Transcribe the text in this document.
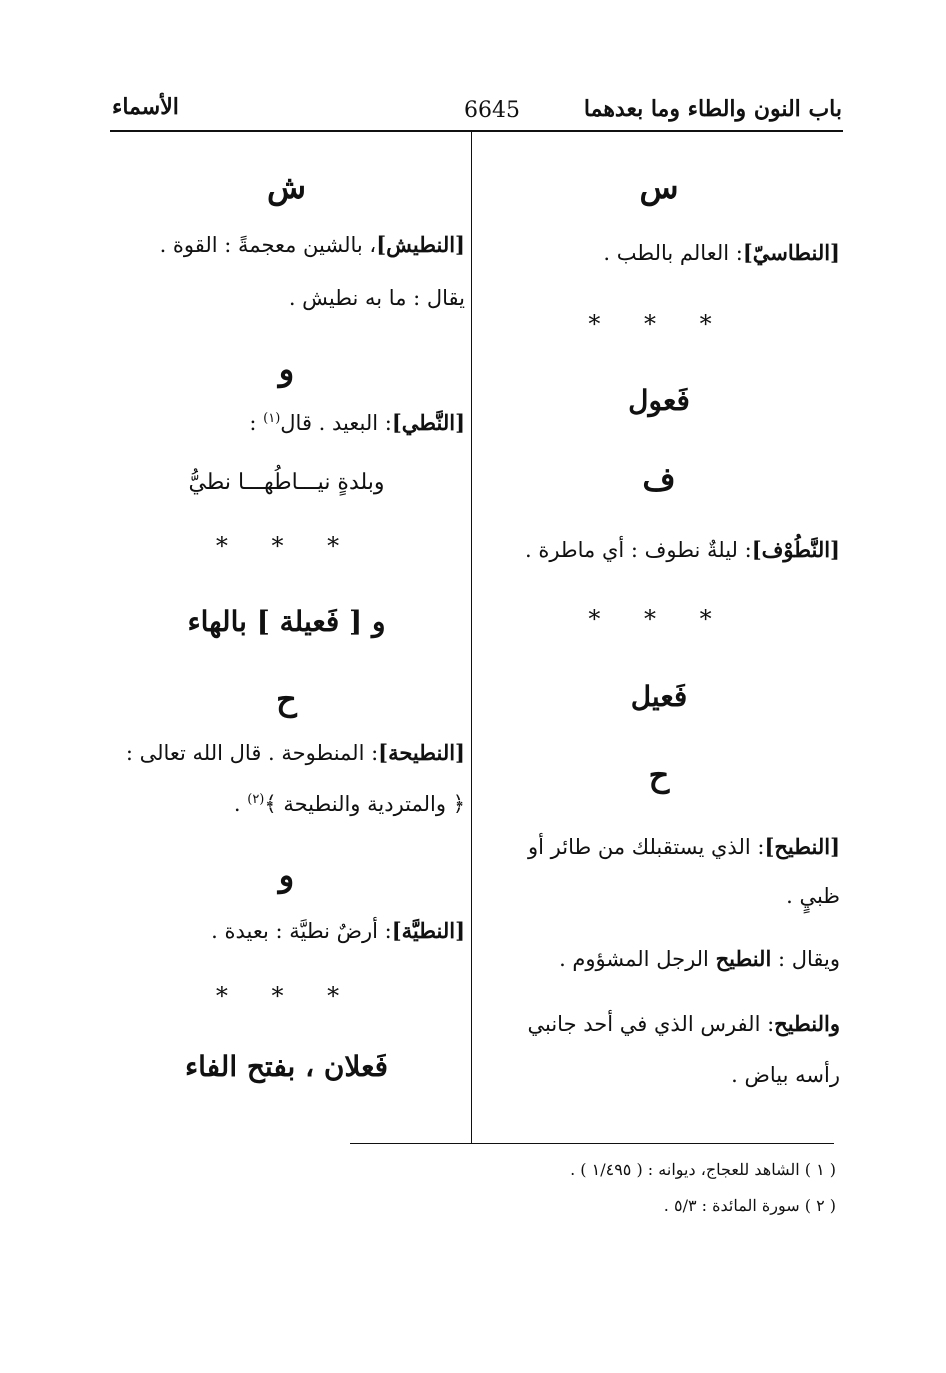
باب النون والطاء وما بعدهما
6645
الأسماء
س
[النطاسيّ]: العالم بالطب .
* * *
فَعول
ف
[النَّطُوْف]: ليلةٌ نطوف : أي ماطرة .
* * *
فَعيل
ح
[النطيح]: الذي يستقبلك من طائر أو
ظبيٍ .
ويقال : النطيح الرجل المشؤوم .
والنطيح: الفرس الذي في أحد جانبي
رأسه بياض .
ش
[النطيش]، بالشين معجمةً : القوة .
يقال : ما به نطيش .
و
[النَّطي]: البعيد . قال$^{(١)}$ :
وبلدةٍ نيـــاطُهـــا نطيُّ
* * *
و [ فَعيلة ] بالهاء
ح
[النطيحة]: المنطوحة . قال الله تعالى :
﴿ والمتردية والنطيحة ﴾$^{(٢)}$ .
و
[النطيَّة]: أرضٌ نطيَّة : بعيدة .
* * *
فَعلان ، بفتح الفاء
( ١ ) الشاهد للعجاج، ديوانه : ( ١/٤٩٥ ) .
( ٢ ) سورة المائدة : ٥/٣ .
